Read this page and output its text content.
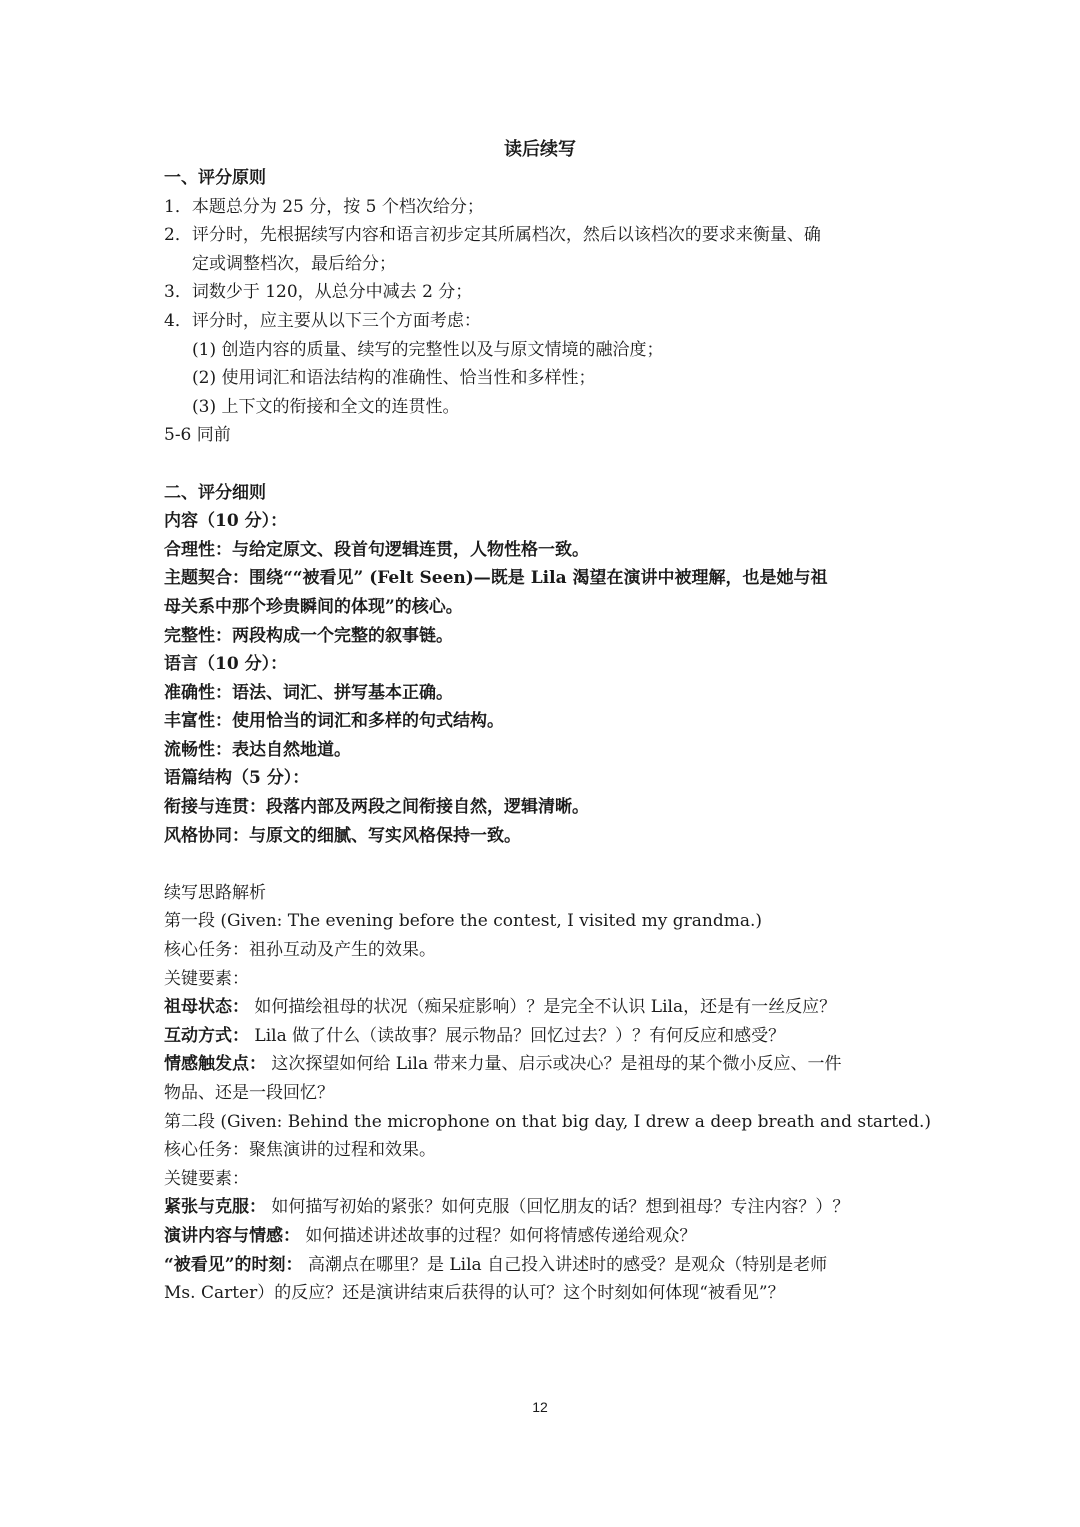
读后续写
一、评分原则
1．本题总分为 25 分，按 5 个档次给分；
2．评分时，先根据续写内容和语言初步定其所属档次，然后以该档次的要求来衡量、确
定或调整档次，最后给分；
3．词数少于 120，从总分中减去 2 分；
4．评分时，应主要从以下三个方面考虑：
(1) 创造内容的质量、续写的完整性以及与原文情境的融洽度；
(2) 使用词汇和语法结构的准确性、恰当性和多样性；
(3) 上下文的衔接和全文的连贯性。
5-6 同前
二、评分细则
内容（10 分）：
合理性：与给定原文、段首句逻辑连贯，人物性格一致。
主题契合：围绕““被看见” (Felt Seen)—既是 Lila 渴望在演讲中被理解，也是她与祖
母关系中那个珍贵瞬间的体现”的核心。
完整性：两段构成一个完整的叙事链。
语言（10 分）：
准确性：语法、词汇、拼写基本正确。
丰富性：使用恰当的词汇和多样的句式结构。
流畅性：表达自然地道。
语篇结构（5 分）：
衔接与连贯：段落内部及两段之间衔接自然，逻辑清晰。
风格协同：与原文的细腻、写实风格保持一致。
续写思路解析
第一段 (Given: The evening before the contest, I visited my grandma.)
核心任务：祖孙互动及产生的效果。
关键要素：
祖母状态： 如何描绘祖母的状况（痴呆症影响）？是完全不认识 Lila，还是有一丝反应？
互动方式： Lila 做了什么（读故事？展示物品？回忆过去？）？有何反应和感受？
情感触发点： 这次探望如何给 Lila 带来力量、启示或决心？是祖母的某个微小反应、一件
物品、还是一段回忆？
第二段 (Given: Behind the microphone on that big day, I drew a deep breath and started.)
核心任务：聚焦演讲的过程和效果。
关键要素：
紧张与克服： 如何描写初始的紧张？如何克服（回忆朋友的话？想到祖母？专注内容？）？
演讲内容与情感： 如何描述讲述故事的过程？如何将情感传递给观众？
“被看见”的时刻： 高潮点在哪里？是 Lila 自己投入讲述时的感受？是观众（特别是老师
Ms. Carter）的反应？还是演讲结束后获得的认可？这个时刻如何体现“被看见”？
12
